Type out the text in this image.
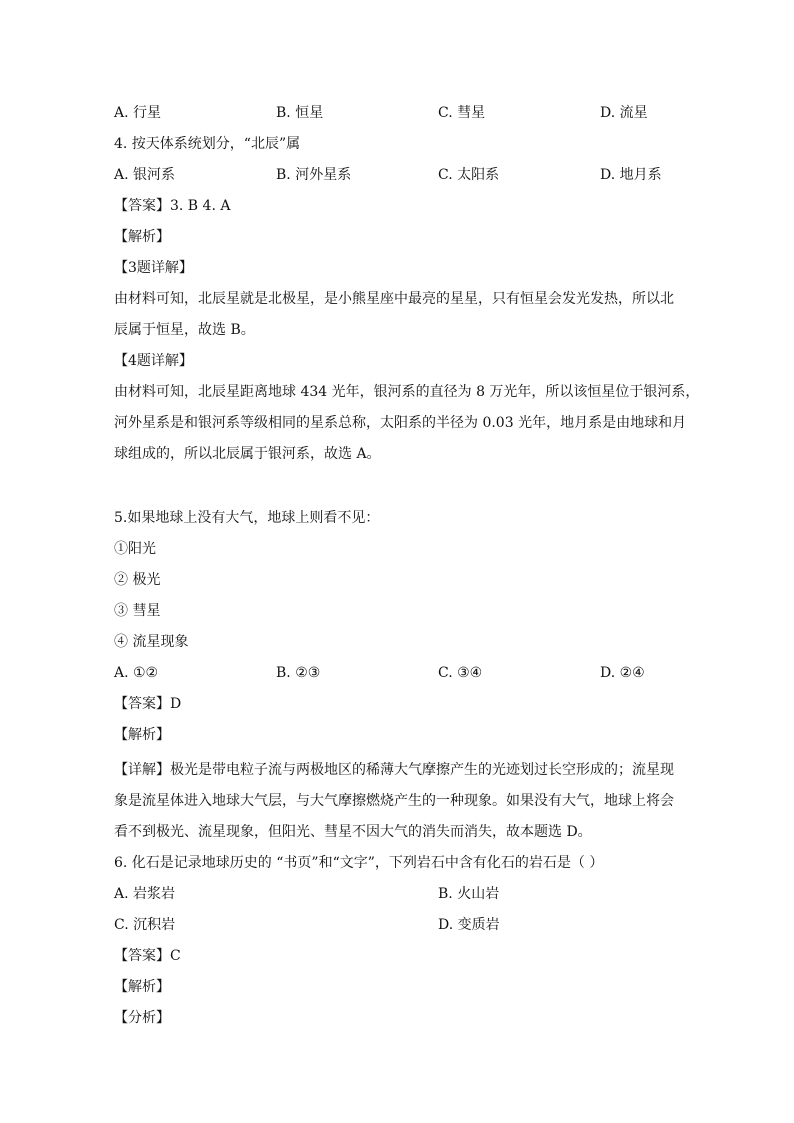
A. 行星	B. 恒星	C. 彗星	D. 流星
4. 按天体系统划分，“北辰”属
A. 银河系	B. 河外星系	C. 太阳系	D. 地月系
【答案】3. B 4. A
【解析】
【3题详解】
由材料可知，北辰星就是北极星，是小熊星座中最亮的星星，只有恒星会发光发热，所以北
辰属于恒星，故选 B。
【4题详解】
由材料可知，北辰星距离地球 434 光年，银河系的直径为 8 万光年，所以该恒星位于银河系，
河外星系是和银河系等级相同的星系总称，太阳系的半径为 0.03 光年，地月系是由地球和月
球组成的，所以北辰属于银河系，故选 A。
5.如果地球上没有大气，地球上则看不见：
①阳光
② 极光
③ 彗星
④ 流星现象
A. ①②	B. ②③	C. ③④	D. ②④
【答案】D
【解析】
【详解】极光是带电粒子流与两极地区的稀薄大气摩擦产生的光迹划过长空形成的；流星现
象是流星体进入地球大气层，与大气摩擦燃烧产生的一种现象。如果没有大气，地球上将会
看不到极光、流星现象，但阳光、彗星不因大气的消失而消失，故本题选 D。
6. 化石是记录地球历史的 “书页”和“文字”，下列岩石中含有化石的岩石是（ ）
A. 岩浆岩	B. 火山岩
C. 沉积岩	D. 变质岩
【答案】C
【解析】
【分析】
